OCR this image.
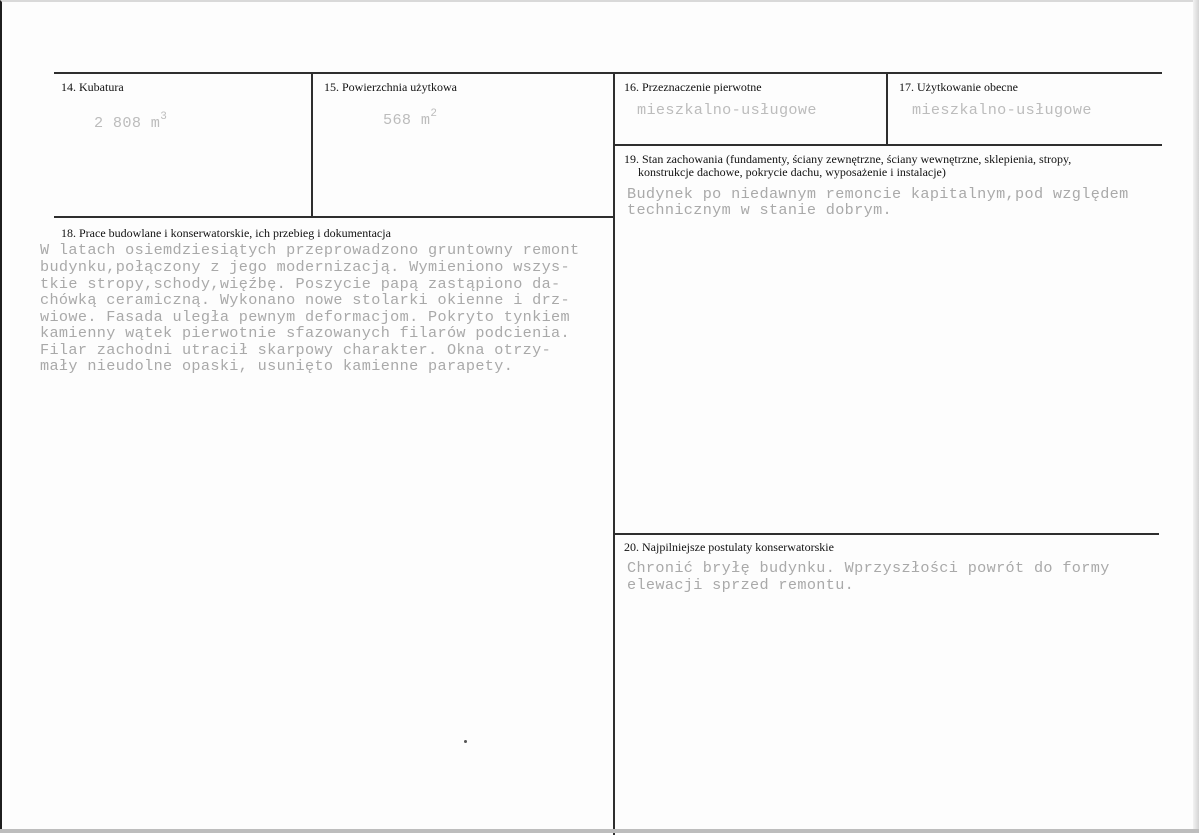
14. Kubatura

2 808 $m^3$

15. Powierzchnia użytkowa

568 $m^2$

16. Przeznaczenie pierwotne

mieszkalno-usługowe

17. Użytkowanie obecne

mieszkalno-usługowe

18. Prace budowlane i konserwatorskie, ich przebieg i dokumentacja

W latach osiemdziesiątych przeprowadzono gruntowny remont

budynku,połączony z jego modernizacją. Wymieniono wszys-

tkie stropy,schody,więźbę. Poszycie papą zastąpiono da-

chówką ceramiczną. Wykonano nowe stolarki okienne i drz-

wiowe. Fasada uległa pewnym deformacjom. Pokryto tynkiem

kamienny wątek pierwotnie sfazowanych filarów podcienia.

Filar zachodni utracił skarpowy charakter. Okna otrzy-

mały nieudolne opaski, usunięto kamienne parapety.

19. Stan zachowania (fundamenty, ściany zewnętrzne, ściany wewnętrzne, sklepienia, stropy,

konstrukcje dachowe, pokrycie dachu, wyposażenie i instalacje)

Budynek po niedawnym remoncie kapitalnym,pod względem

technicznym w stanie dobrym.

20. Najpilniejsze postulaty konserwatorskie

Chronić bryłę budynku. Wprzyszłości powrót do formy

elewacji sprzed remontu.
